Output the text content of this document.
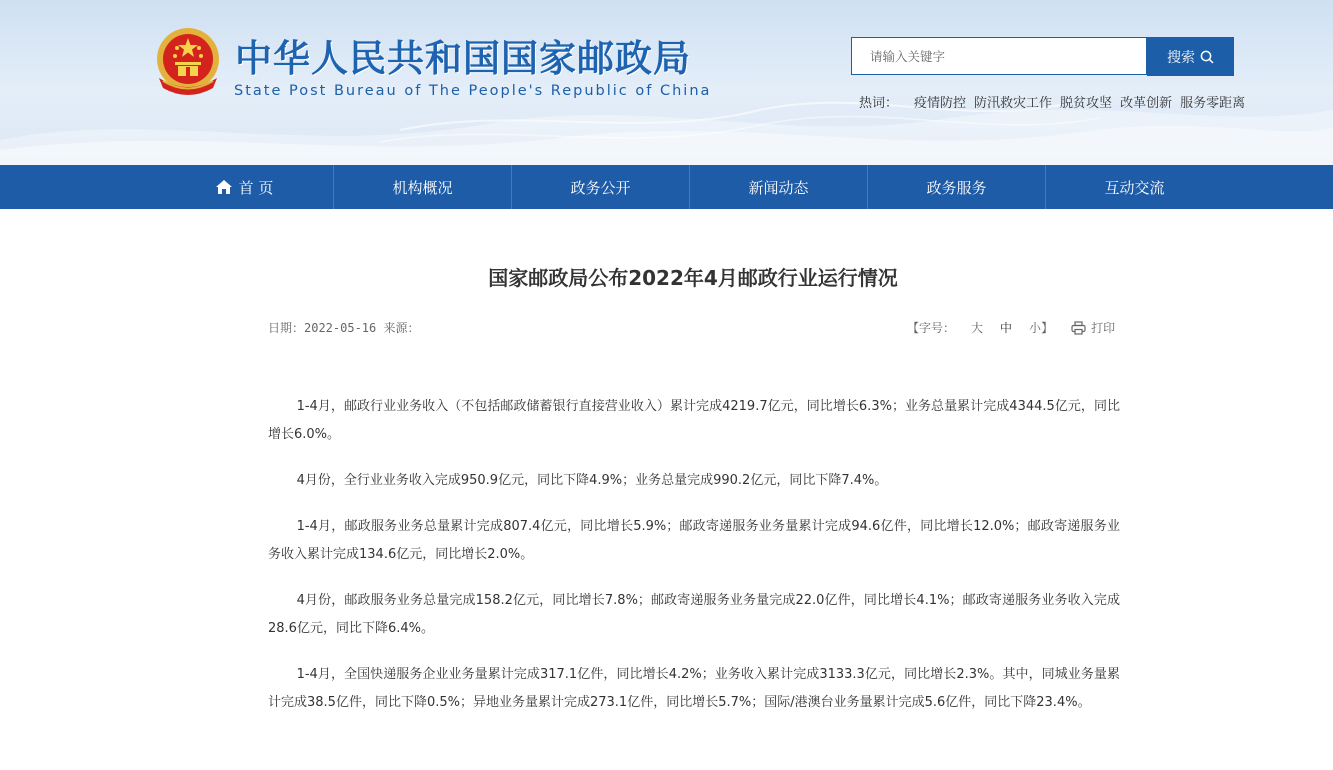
中华人民共和国国家邮政局
State Post Bureau of The People's Republic of China
请输入关键字
搜索
热词： 疫情防控 防汛救灾工作 脱贫攻坚 改革创新 服务零距离
首 页	机构概况	政务公开	新闻动态	政务服务	互动交流
国家邮政局公布2022年4月邮政行业运行情况
日期：2022-05-16 来源：	【字号： 大 中 小 】	打印

1-4月，邮政行业业务收入（不包括邮政储蓄银行直接营业收入）累计完成4219.7亿元，同比增长6.3%；业务总量累计完成4344.5亿元，同比增长6.0%。

4月份，全行业业务收入完成950.9亿元，同比下降4.9%；业务总量完成990.2亿元，同比下降7.4%。

1-4月，邮政服务业务总量累计完成807.4亿元，同比增长5.9%；邮政寄递服务业务量累计完成94.6亿件，同比增长12.0%；邮政寄递服务业务收入累计完成134.6亿元，同比增长2.0%。

4月份，邮政服务业务总量完成158.2亿元，同比增长7.8%；邮政寄递服务业务量完成22.0亿件，同比增长4.1%；邮政寄递服务业务收入完成28.6亿元，同比下降6.4%。

1-4月，全国快递服务企业业务量累计完成317.1亿件，同比增长4.2%；业务收入累计完成3133.3亿元，同比增长2.3%。其中，同城业务量累计完成38.5亿件，同比下降0.5%；异地业务量累计完成273.1亿件，同比增长5.7%；国际/港澳台业务量累计完成5.6亿件，同比下降23.4%。
